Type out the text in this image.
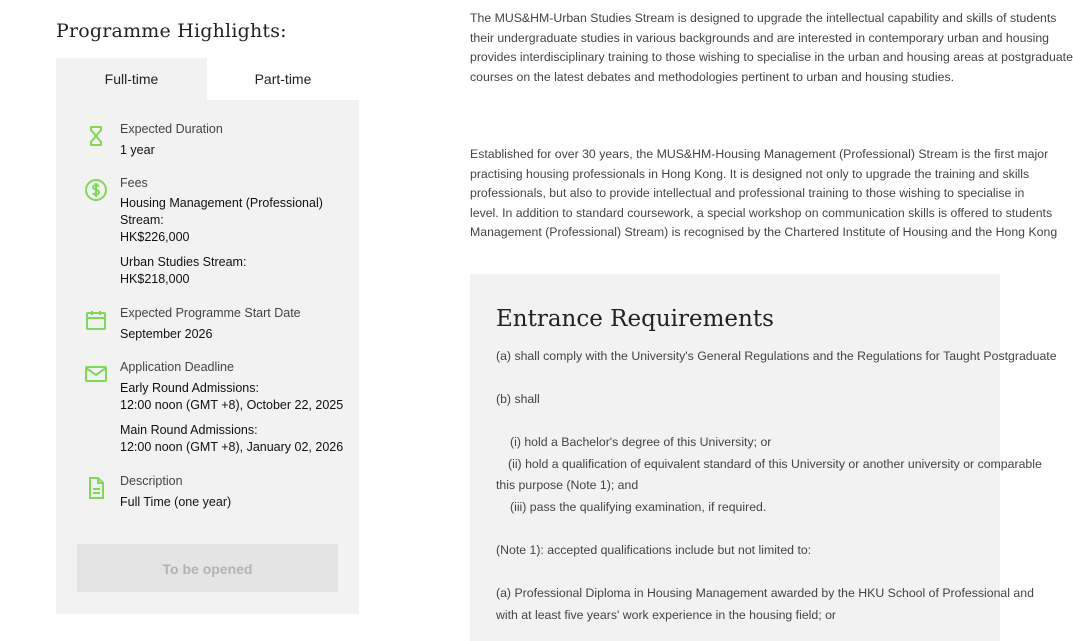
Programme Highlights:
Full-time	Part-time
Expected Duration
1 year
Fees
Housing Management (Professional) Stream:
HK$226,000
Urban Studies Stream:
HK$218,000
Expected Programme Start Date
September 2026
Application Deadline
Early Round Admissions:
12:00 noon (GMT +8), October 22, 2025
Main Round Admissions:
12:00 noon (GMT +8), January 02, 2026
Description
Full Time (one year)
To be opened
The MUS&HM-Urban Studies Stream is designed to upgrade the intellectual capability and skills of students
their undergraduate studies in various backgrounds and are interested in contemporary urban and housing
provides interdisciplinary training to those wishing to specialise in the urban and housing areas at postgraduate
courses on the latest debates and methodologies pertinent to urban and housing studies.
Established for over 30 years, the MUS&HM-Housing Management (Professional) Stream is the first major
practising housing professionals in Hong Kong. It is designed not only to upgrade the training and skills
professionals, but also to provide intellectual and professional training to those wishing to specialise in
level. In addition to standard coursework, a special workshop on communication skills is offered to students
Management (Professional) Stream) is recognised by the Chartered Institute of Housing and the Hong Kong
Entrance Requirements
(a) shall comply with the University's General Regulations and the Regulations for Taught Postgraduate
(b) shall
(i) hold a Bachelor's degree of this University; or
(ii) hold a qualification of equivalent standard of this University or another university or comparable
this purpose (Note 1); and
(iii) pass the qualifying examination, if required.
(Note 1): accepted qualifications include but not limited to:
(a) Professional Diploma in Housing Management awarded by the HKU School of Professional and
with at least five years' work experience in the housing field; or
